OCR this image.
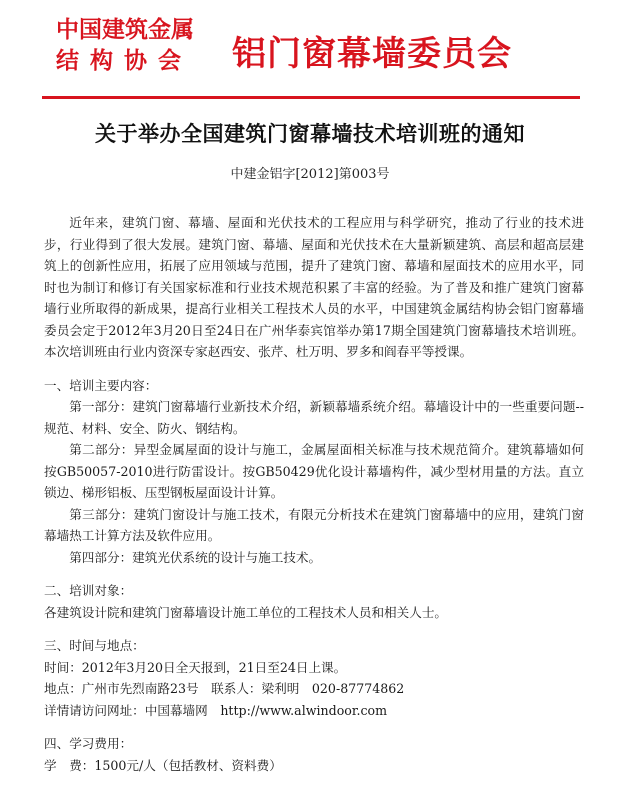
中国建筑金属
结构协会 铝门窗幕墙委员会
关于举办全国建筑门窗幕墙技术培训班的通知
中建金铝字[2012]第003号

近年来，建筑门窗、幕墙、屋面和光伏技术的工程应用与科学研究，推动了行业的技术进步，行业得到了很大发展。建筑门窗、幕墙、屋面和光伏技术在大量新颖建筑、高层和超高层建筑上的创新性应用，拓展了应用领域与范围，提升了建筑门窗、幕墙和屋面技术的应用水平，同时也为制订和修订有关国家标准和行业技术规范积累了丰富的经验。为了普及和推广建筑门窗幕墙行业所取得的新成果，提高行业相关工程技术人员的水平，中国建筑金属结构协会铝门窗幕墙委员会定于2012年3月20日至24日在广州华泰宾馆举办第17期全国建筑门窗幕墙技术培训班。本次培训班由行业内资深专家赵西安、张芹、杜万明、罗多和阎春平等授课。

一、培训主要内容：

第一部分：建筑门窗幕墙行业新技术介绍，新颖幕墙系统介绍。幕墙设计中的一些重要问题--规范、材料、安全、防火、钢结构。

第二部分：异型金属屋面的设计与施工，金属屋面相关标准与技术规范简介。建筑幕墙如何按GB50057-2010进行防雷设计。按GB50429优化设计幕墙构件，减少型材用量的方法。直立锁边、梯形铝板、压型钢板屋面设计计算。

第三部分：建筑门窗设计与施工技术，有限元分析技术在建筑门窗幕墙中的应用，建筑门窗幕墙热工计算方法及软件应用。

第四部分：建筑光伏系统的设计与施工技术。

二、培训对象：

各建筑设计院和建筑门窗幕墙设计施工单位的工程技术人员和相关人士。

三、时间与地点：

时间：2012年3月20日全天报到，21日至24日上课。

地点：广州市先烈南路23号　联系人：梁利明　020-87774862

详情请访问网址：中国幕墙网　http://www.alwindoor.com

四、学习费用：

学　费：1500元/人（包括教材、资料费）
